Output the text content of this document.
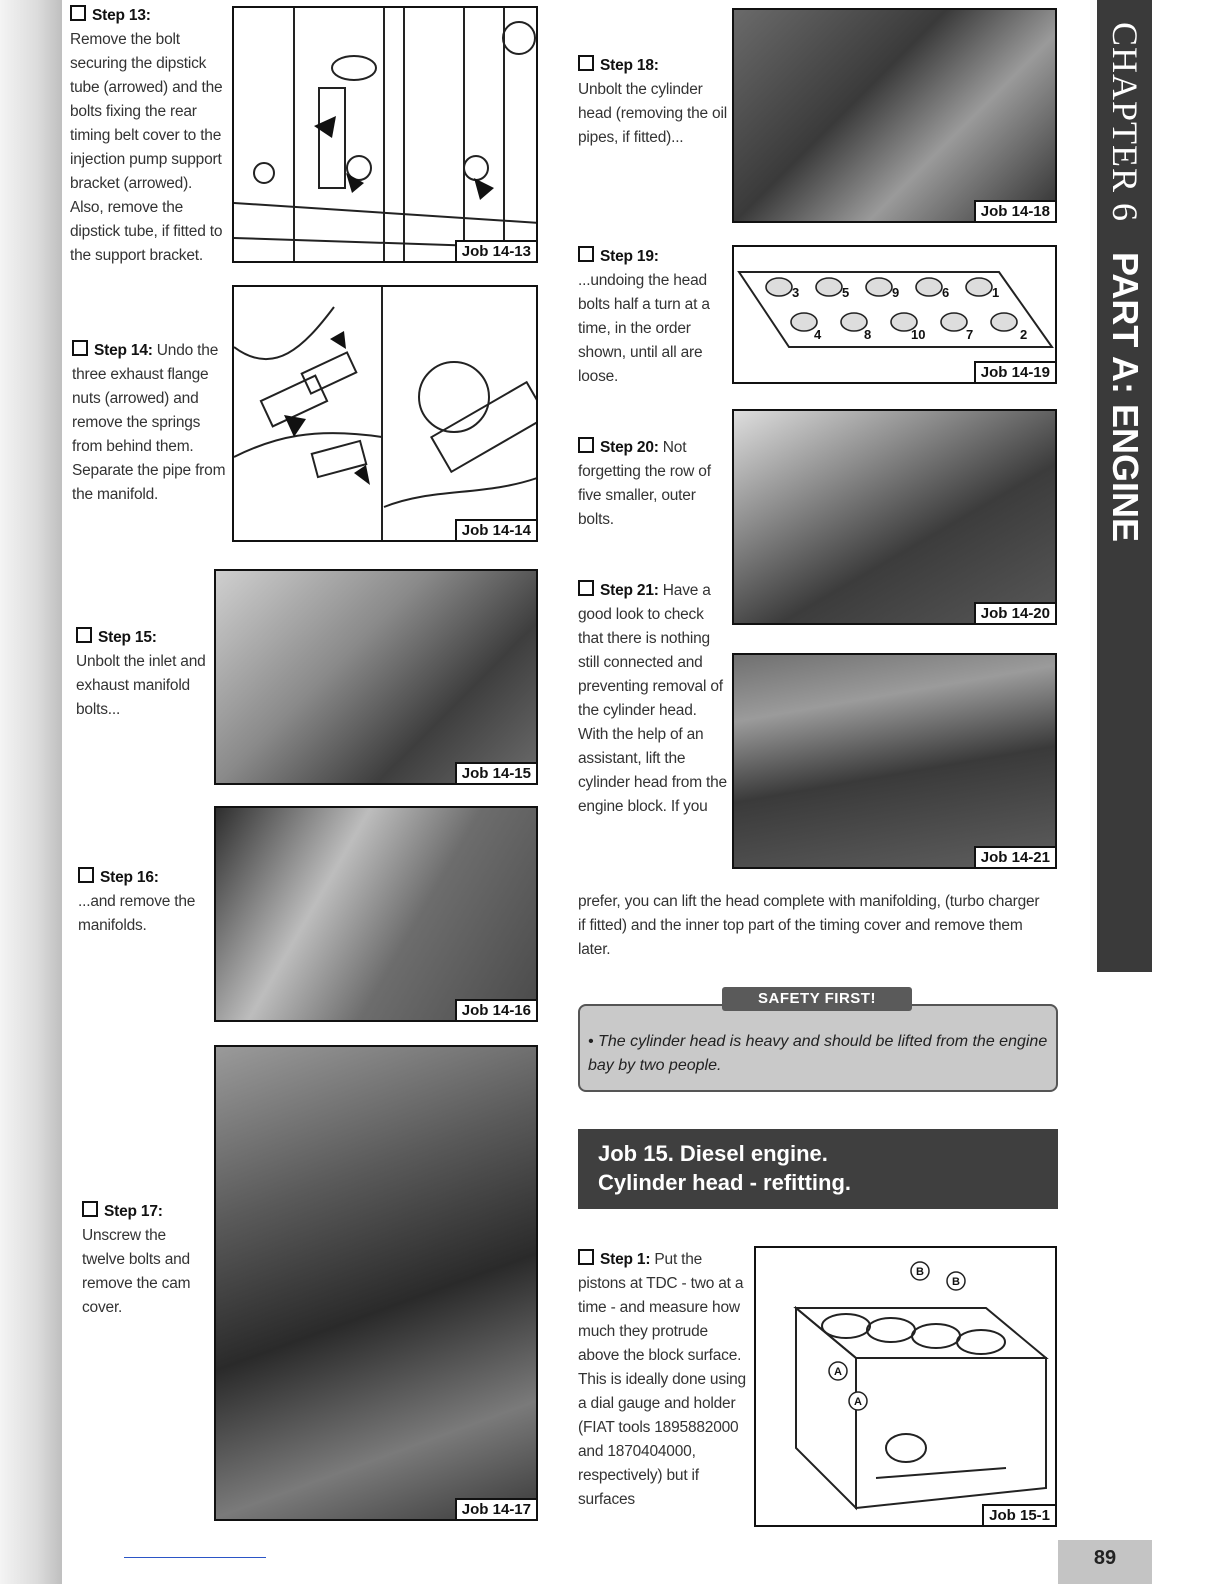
Step 13:
Remove the bolt securing the dipstick tube (arrowed) and the bolts fixing the rear timing belt cover to the injection pump support bracket (arrowed). Also, remove the dipstick tube, if fitted to the support bracket.
Step 14: Undo the three exhaust flange nuts (arrowed) and remove the springs from behind them. Separate the pipe from the manifold.
Step 15:
Unbolt the inlet and exhaust manifold bolts...
Step 16:
...and remove the manifolds.
Step 17:
Unscrew the twelve bolts and remove the cam cover.
Job 14-13
Job 14-14
Job 14-15
Job 14-16
Job 14-17
Step 18:
Unbolt the cylinder head (removing the oil pipes, if fitted)...
Step 19:
...undoing the head bolts half a turn at a time, in the order shown, until all are loose.
Step 20: Not forgetting the row of five smaller, outer bolts.
Step 21: Have a good look to check that there is nothing still connected and preventing removal of the cylinder head. With the help of an assistant, lift the cylinder head from the engine block. If you
prefer, you can lift the head complete with manifolding, (turbo charger if fitted) and the inner top part of the timing cover and remove them later.
Step 1: Put the pistons at TDC - two at a time - and measure how much they protrude above the block surface. This is ideally done using a dial gauge and holder (FIAT tools 1895882000 and 1870404000, respectively) but if surfaces
Job 14-18
3	5	9	6	1
4	8	10	7	2
Job 14-19
Job 14-20
Job 14-21
A
A
B
B
Job 15-1

• The cylinder head is heavy and should be lifted from the engine bay by two people.

SAFETY FIRST!
Job 15. Diesel engine.
Cylinder head - refitting.
CHAPTER 6PART A: ENGINE
89
